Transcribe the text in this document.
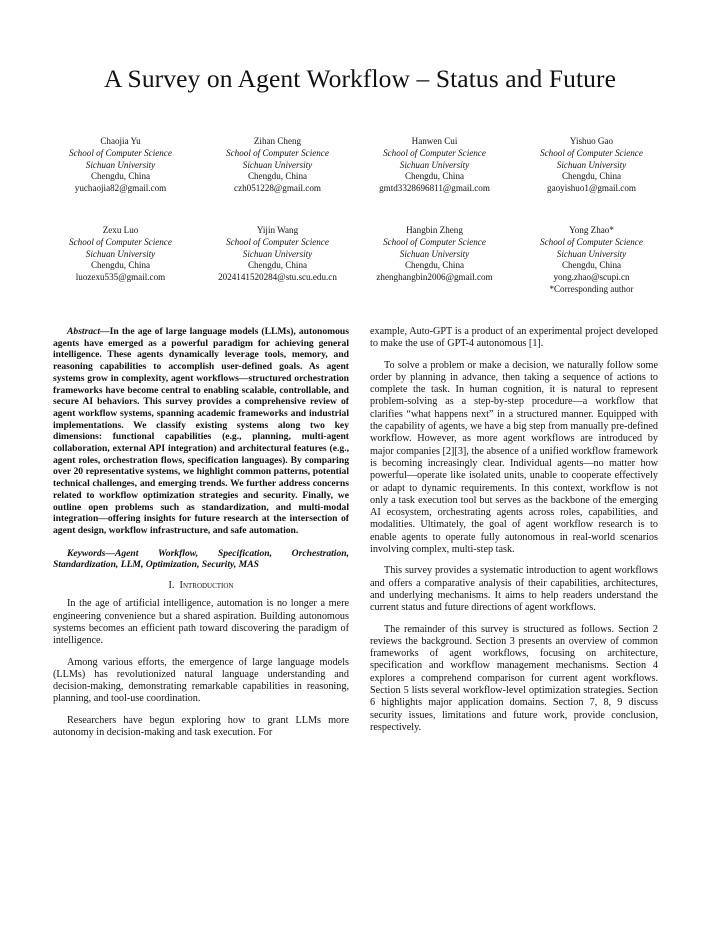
A Survey on Agent Workflow – Status and Future
Chaojia Yu
School of Computer Science
Sichuan University
Chengdu, China
yuchaojia82@gmail.com
Zihan Cheng
School of Computer Science
Sichuan University
Chengdu, China
czh051228@gmail.com
Hanwen Cui
School of Computer Science
Sichuan University
Chengdu, China
gmtd3328696811@gmail.com
Yishuo Gao
School of Computer Science
Sichuan University
Chengdu, China
gaoyishuo1@gmail.com
Zexu Luo
School of Computer Science
Sichuan University
Chengdu, China
luozexu535@gmail.com
Yijin Wang
School of Computer Science
Sichuan University
Chengdu, China
2024141520284@stu.scu.edu.cn
Hangbin Zheng
School of Computer Science
Sichuan University
Chengdu, China
zhenghangbin2006@gmail.com
Yong Zhao*
School of Computer Science
Sichuan University
Chengdu, China
yong.zhao@scupi.cn
*Corresponding author

Abstract—In the age of large language models (LLMs), autonomous agents have emerged as a powerful paradigm for achieving general intelligence. These agents dynamically leverage tools, memory, and reasoning capabilities to accomplish user-defined goals. As agent systems grow in complexity, agent workflows—structured orchestration frameworks have become central to enabling scalable, controllable, and secure AI behaviors. This survey provides a comprehensive review of agent workflow systems, spanning academic frameworks and industrial implementations. We classify existing systems along two key dimensions: functional capabilities (e.g., planning, multi-agent collaboration, external API integration) and architectural features (e.g., agent roles, orchestration flows, specification languages). By comparing over 20 representative systems, we highlight common patterns, potential technical challenges, and emerging trends. We further address concerns related to workflow optimization strategies and security. Finally, we outline open problems such as standardization, and multi-modal integration—offering insights for future research at the intersection of agent design, workflow infrastructure, and safe automation.

Keywords—Agent Workflow, Specification, Orchestration, Standardization, LLM, Optimization, Security, MAS

I. Introduction

In the age of artificial intelligence, automation is no longer a mere engineering convenience but a shared aspiration. Building autonomous systems becomes an efficient path toward discovering the paradigm of intelligence.

Among various efforts, the emergence of large language models (LLMs) has revolutionized natural language understanding and decision-making, demonstrating remarkable capabilities in reasoning, planning, and tool-use coordination.

Researchers have begun exploring how to grant LLMs more autonomy in decision-making and task execution. For

example, Auto-GPT is a product of an experimental project developed to make the use of GPT-4 autonomous [1].

To solve a problem or make a decision, we naturally follow some order by planning in advance, then taking a sequence of actions to complete the task. In human cognition, it is natural to represent problem-solving as a step-by-step procedure—a workflow that clarifies “what happens next” in a structured manner. Equipped with the capability of agents, we have a big step from manually pre-defined workflow. However, as more agent workflows are introduced by major companies [2][3], the absence of a unified workflow framework is becoming increasingly clear. Individual agents—no matter how powerful—operate like isolated units, unable to cooperate effectively or adapt to dynamic requirements. In this context, workflow is not only a task execution tool but serves as the backbone of the emerging AI ecosystem, orchestrating agents across roles, capabilities, and modalities. Ultimately, the goal of agent workflow research is to enable agents to operate fully autonomous in real-world scenarios involving complex, multi-step task.

This survey provides a systematic introduction to agent workflows and offers a comparative analysis of their capabilities, architectures, and underlying mechanisms. It aims to help readers understand the current status and future directions of agent workflows.

The remainder of this survey is structured as follows. Section 2 reviews the background. Section 3 presents an overview of common frameworks of agent workflows, focusing on architecture, specification and workflow management mechanisms. Section 4 explores a comprehend comparison for current agent workflows. Section 5 lists several workflow-level optimization strategies. Section 6 highlights major application domains. Section 7, 8, 9 discuss security issues, limitations and future work, provide conclusion, respectively.
